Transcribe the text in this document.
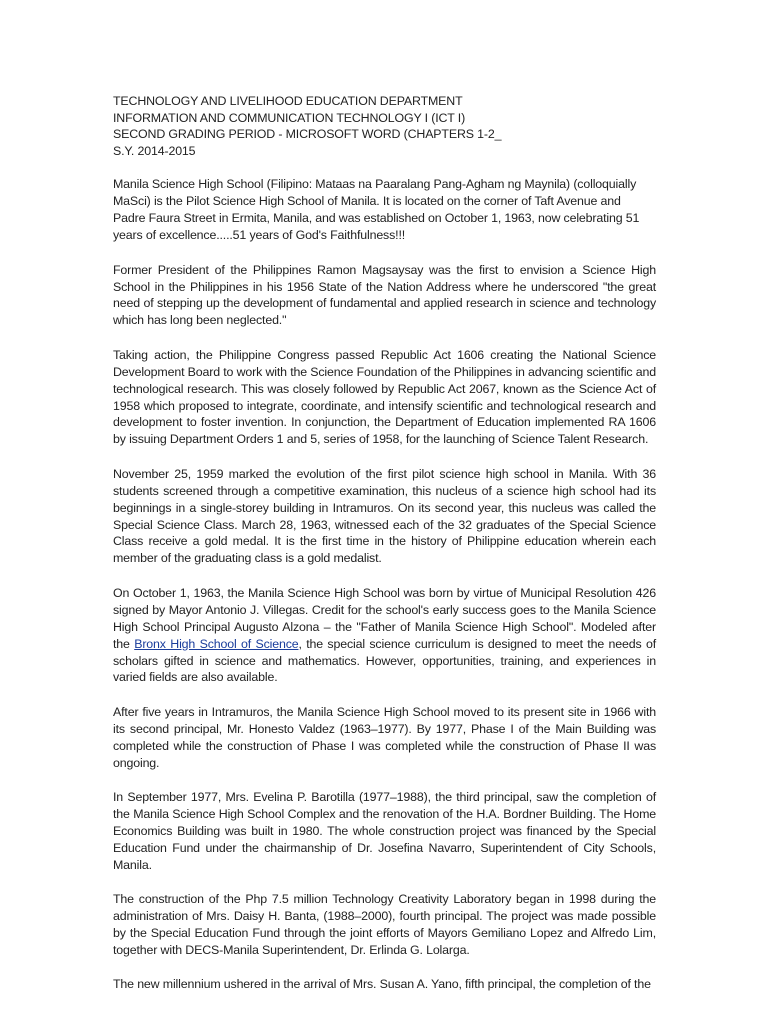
TECHNOLOGY AND LIVELIHOOD EDUCATION DEPARTMENT
INFORMATION AND COMMUNICATION TECHNOLOGY I (ICT I)
SECOND GRADING PERIOD - MICROSOFT WORD (CHAPTERS 1-2_
S.Y. 2014-2015

Manila Science High School (Filipino: Mataas na Paaralang Pang-Agham ng Maynila) (colloquially MaSci) is the Pilot Science High School of Manila. It is located on the corner of Taft Avenue and Padre Faura Street in Ermita, Manila, and was established on October 1, 1963, now celebrating 51 years of excellence.....51 years of God's Faithfulness!!!

Former President of the Philippines Ramon Magsaysay was the first to envision a Science High School in the Philippines in his 1956 State of the Nation Address where he underscored "the great need of stepping up the development of fundamental and applied research in science and technology which has long been neglected."

Taking action, the Philippine Congress passed Republic Act 1606 creating the National Science Development Board to work with the Science Foundation of the Philippines in advancing scientific and technological research. This was closely followed by Republic Act 2067, known as the Science Act of 1958 which proposed to integrate, coordinate, and intensify scientific and technological research and development to foster invention. In conjunction, the Department of Education implemented RA 1606 by issuing Department Orders 1 and 5, series of 1958, for the launching of Science Talent Research.

November 25, 1959 marked the evolution of the first pilot science high school in Manila. With 36 students screened through a competitive examination, this nucleus of a science high school had its beginnings in a single-storey building in Intramuros. On its second year, this nucleus was called the Special Science Class. March 28, 1963, witnessed each of the 32 graduates of the Special Science Class receive a gold medal. It is the first time in the history of Philippine education wherein each member of the graduating class is a gold medalist.

On October 1, 1963, the Manila Science High School was born by virtue of Municipal Resolution 426 signed by Mayor Antonio J. Villegas. Credit for the school's early success goes to the Manila Science High School Principal Augusto Alzona – the "Father of Manila Science High School". Modeled after the Bronx High School of Science, the special science curriculum is designed to meet the needs of scholars gifted in science and mathematics. However, opportunities, training, and experiences in varied fields are also available.

After five years in Intramuros, the Manila Science High School moved to its present site in 1966 with its second principal, Mr. Honesto Valdez (1963–1977). By 1977, Phase I of the Main Building was completed while the construction of Phase I was completed while the construction of Phase II was ongoing.

In September 1977, Mrs. Evelina P. Barotilla (1977–1988), the third principal, saw the completion of the Manila Science High School Complex and the renovation of the H.A. Bordner Building. The Home Economics Building was built in 1980. The whole construction project was financed by the Special Education Fund under the chairmanship of Dr. Josefina Navarro, Superintendent of City Schools, Manila.

The construction of the Php 7.5 million Technology Creativity Laboratory began in 1998 during the administration of Mrs. Daisy H. Banta, (1988–2000), fourth principal. The project was made possible by the Special Education Fund through the joint efforts of Mayors Gemiliano Lopez and Alfredo Lim, together with DECS-Manila Superintendent, Dr. Erlinda G. Lolarga.

The new millennium ushered in the arrival of Mrs. Susan A. Yano, fifth principal, the completion of the
